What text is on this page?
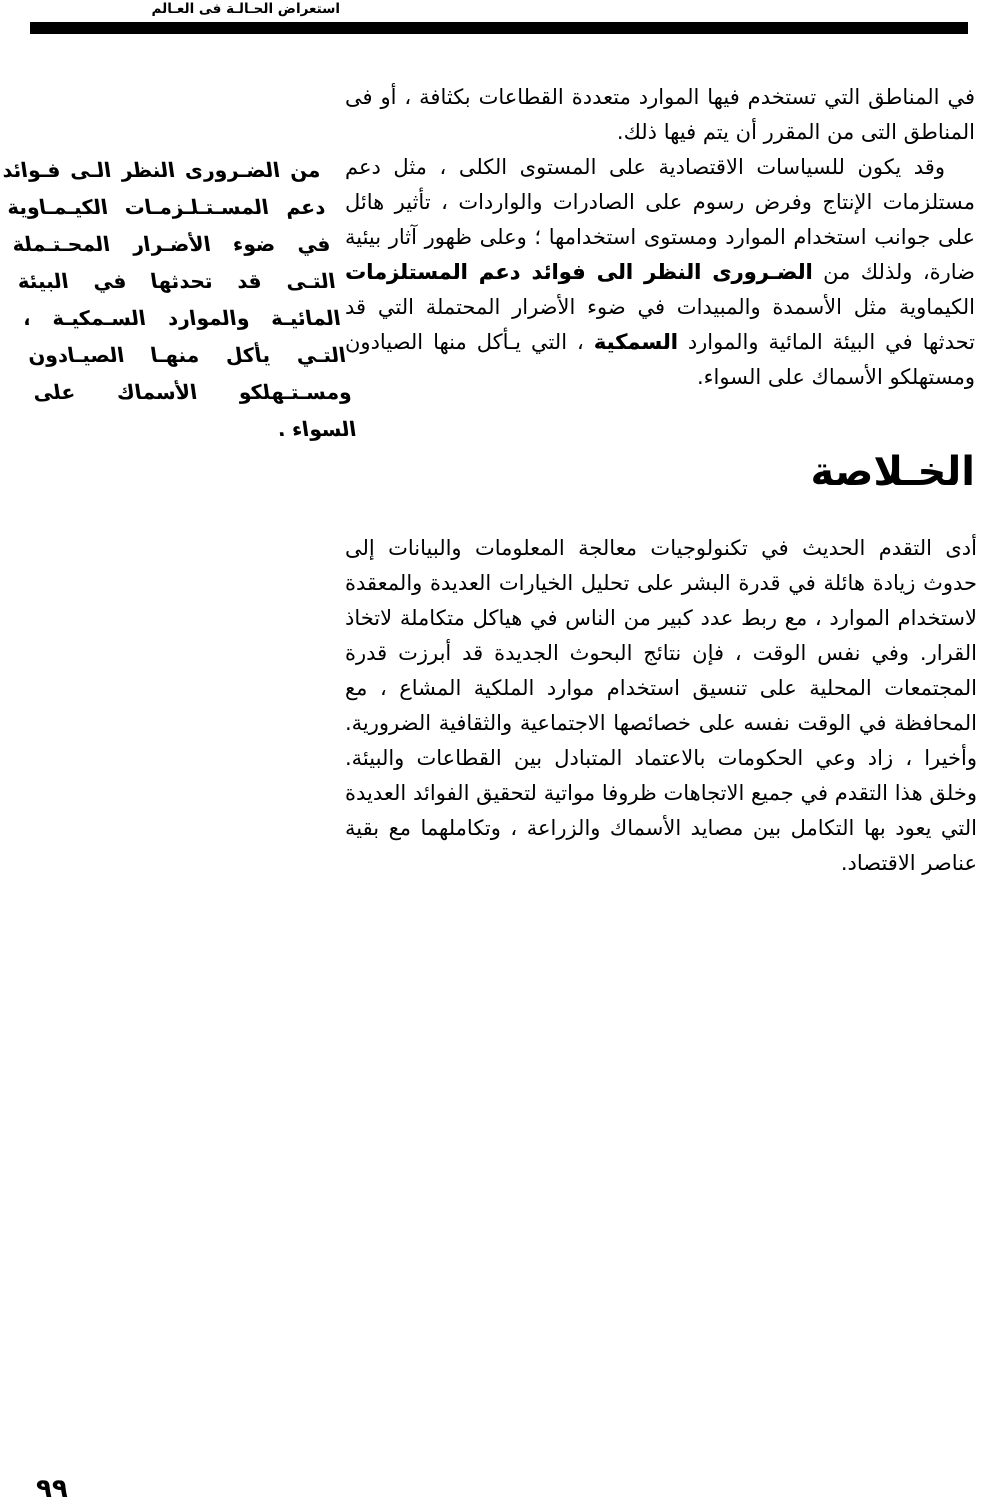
استعراض الحـالـة فى العـالم
من الضـرورى النظر الـى فـوائد دعم المسـتـلـزمـات الكيـمـاوية في ضوء الأضـرار المحـتـملة التـى قد تحدثها في البيئة المائيـة والموارد السـمكيـة ، التـي يأكل منهـا الصيـادون ومسـتـهلكو الأسماك على السواء .

في المناطق التي تستخدم فيها الموارد متعددة القطاعات بكثافة ، أو فى المناطق التى من المقرر أن يتم فيها ذلك.

وقد يكون للسياسات الاقتصادية على المستوى الكلى ، مثل دعم مستلزمات الإنتاج وفرض رسوم على الصادرات والواردات ، تأثير هائل على جوانب استخدام الموارد ومستوى استخدامها ؛ وعلى ظهور آثار بيئية ضارة، ولذلك من الضـرورى النظر الى فوائد دعم المستلزمات الكيماوية مثل الأسمدة والمبيدات في ضوء الأضرار المحتملة التي قد تحدثها في البيئة المائية والموارد السمكية ، التي يـأكل منها الصيادون ومستهلكو الأسماك على السواء.

الخـلاصة

أدى التقدم الحديث في تكنولوجيات معالجة المعلومات والبيانات إلى حدوث زيادة هائلة في قدرة البشر على تحليل الخيارات العديدة والمعقدة لاستخدام الموارد ، مع ربط عدد كبير من الناس في هياكل متكاملة لاتخاذ القرار. وفي نفس الوقت ، فإن نتائج البحوث الجديدة قد أبرزت قدرة المجتمعات المحلية على تنسيق استخدام موارد الملكية المشاع ، مع المحافظة في الوقت نفسه على خصائصها الاجتماعية والثقافية الضرورية. وأخيرا ، زاد وعي الحكومات بالاعتماد المتبادل بين القطاعات والبيئة. وخلق هذا التقدم في جميع الاتجاهات ظروفا مواتية لتحقيق الفوائد العديدة التي يعود بها التكامل بين مصايد الأسماك والزراعة ، وتكاملهما مع بقية عناصر الاقتصاد.

٩٩
